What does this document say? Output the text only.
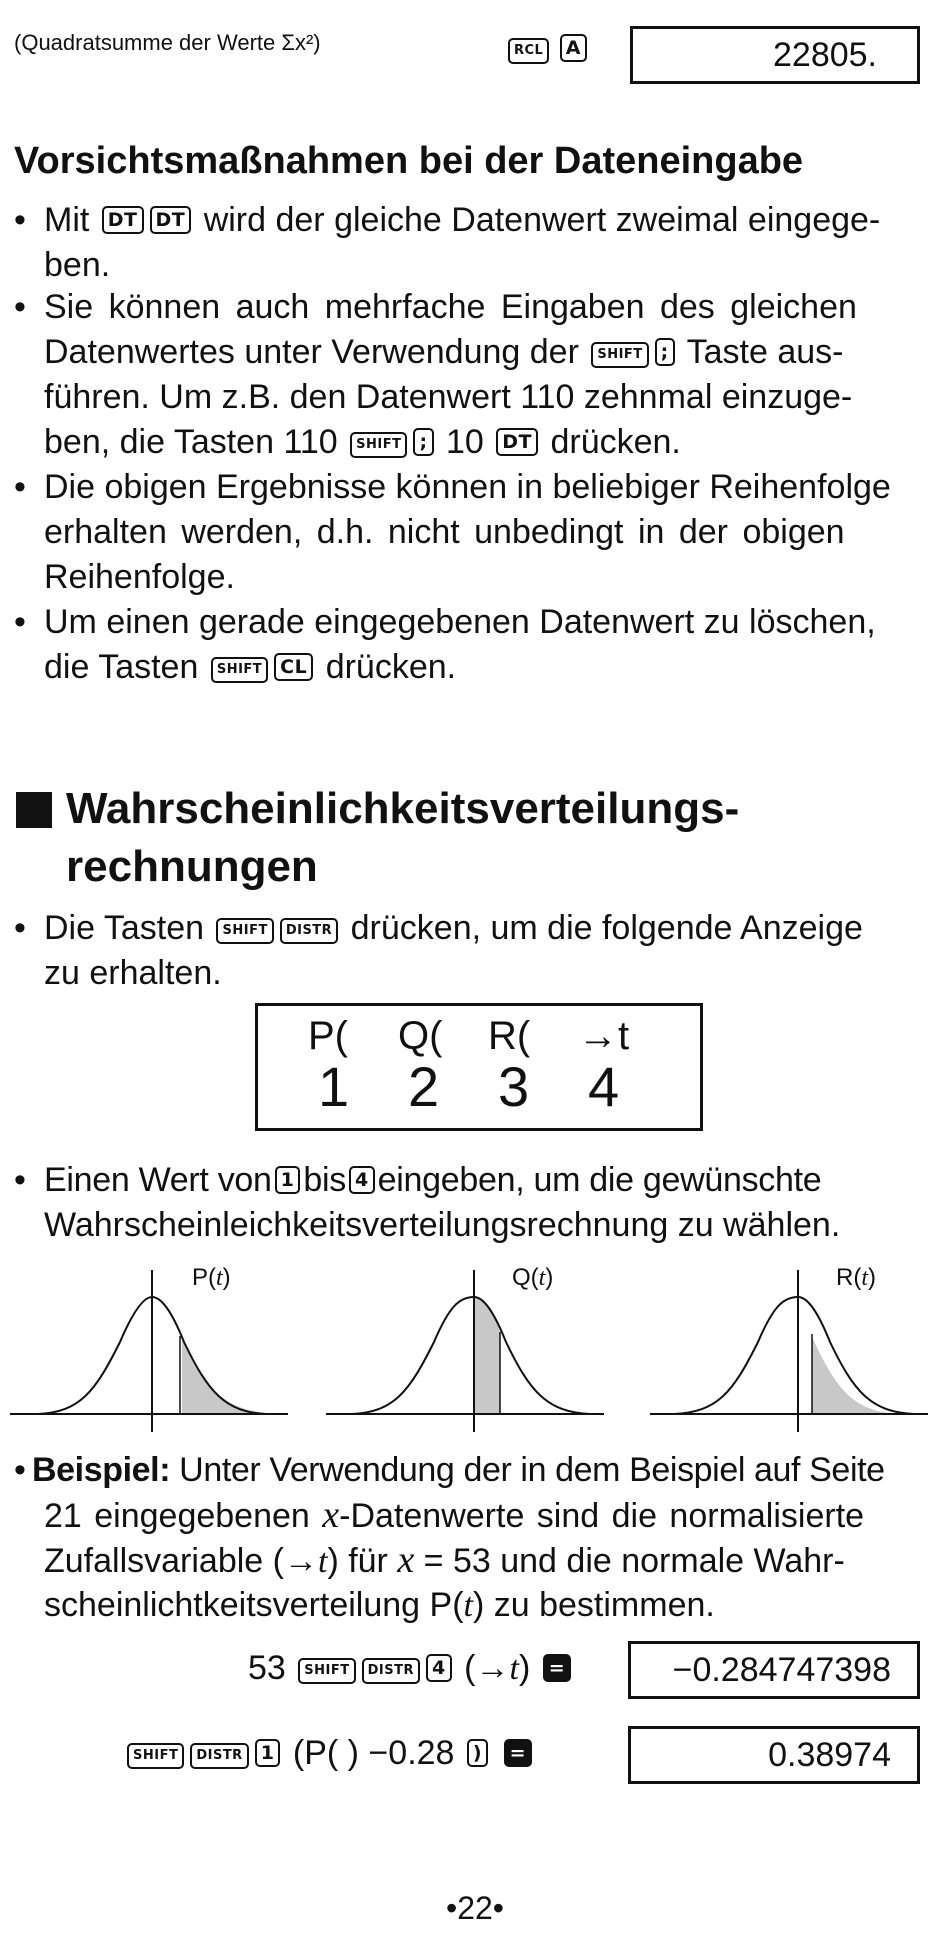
(Quadratsumme der Werte Σx²)	RCL A	22805.
Vorsichtsmaßnahmen bei der Dateneingabe
• Mit DT DT wird der gleiche Datenwert zweimal eingege-
ben.
• Sie können auch mehrfache Eingaben des gleichen
Datenwertes unter Verwendung der SHIFT ; Taste aus-
führen. Um z.B. den Datenwert 110 zehnmal einzuge-
ben, die Tasten 110 SHIFT ; 10 DT drücken.
• Die obigen Ergebnisse können in beliebiger Reihenfolge
erhalten werden, d.h. nicht unbedingt in der obigen
Reihenfolge.
• Um einen gerade eingegebenen Datenwert zu löschen,
die Tasten SHIFT CL drücken.
Wahrscheinlichkeitsverteilungs-
rechnungen
• Die Tasten SHIFT DISTR drücken, um die folgende Anzeige
zu erhalten.
P( Q( R( →t
1 2 3 4
• Einen Wert von 1 bis 4 eingeben, um die gewünschte
Wahrscheinleichkeitsverteilungsrechnung zu wählen.
P(t)	Q(t)	R(t)
• Beispiel: Unter Verwendung der in dem Beispiel auf Seite
21 eingegebenen x-Datenwerte sind die normalisierte
Zufallsvariable (→t) für x = 53 und die normale Wahr-
scheinlichtkeitsverteilung P(t) zu bestimmen.
53 SHIFT DISTR 4 (→t) =	−0.284747398
SHIFT DISTR 1 (P( ) −0.28 ) =	0.38974
•22•
